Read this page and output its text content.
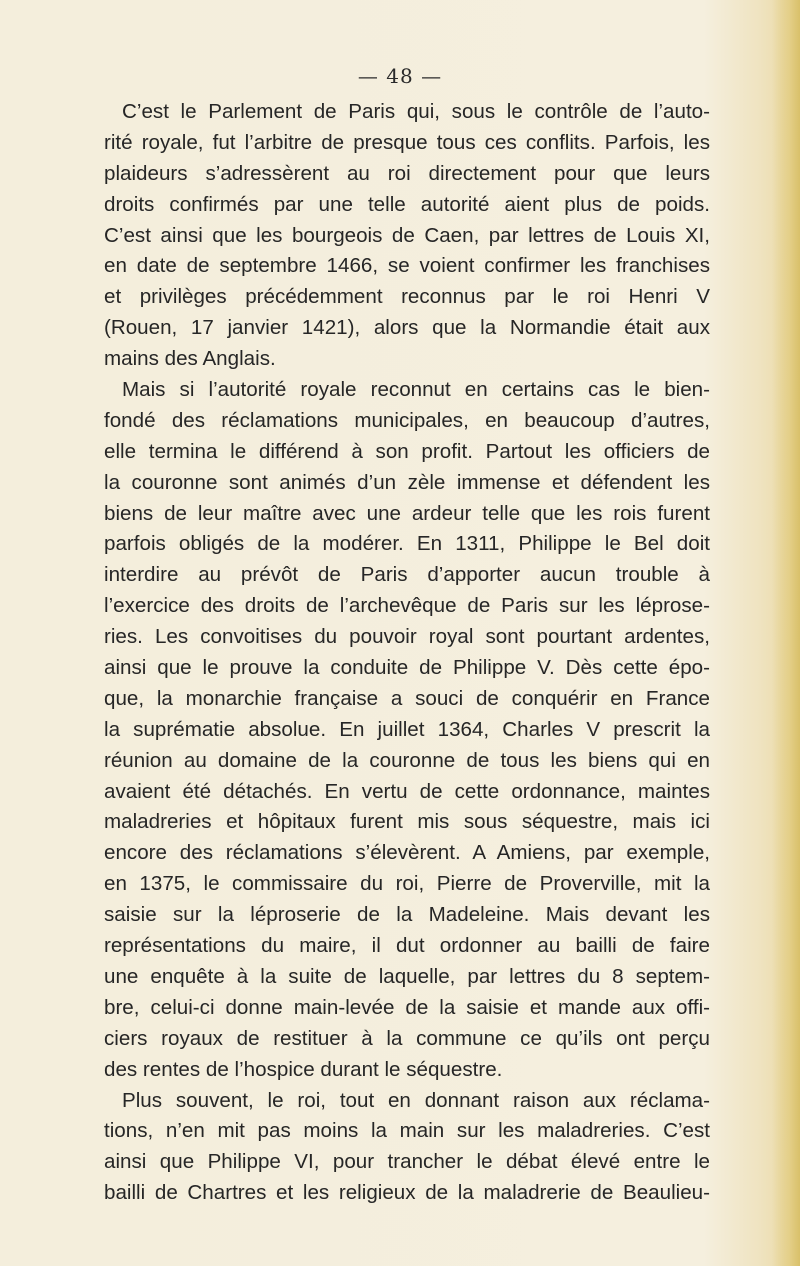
— 48 —
C’est le Parlement de Paris qui, sous le contrôle de l’auto-
rité royale, fut l’arbitre de presque tous ces conflits. Parfois, les
plaideurs s’adressèrent au roi directement pour que leurs
droits confirmés par une telle autorité aient plus de poids.
C’est ainsi que les bourgeois de Caen, par lettres de Louis XI,
en date de septembre 1466, se voient confirmer les franchises
et privilèges précédemment reconnus par le roi Henri V
(Rouen, 17 janvier 1421), alors que la Normandie était aux
mains des Anglais.
Mais si l’autorité royale reconnut en certains cas le bien-
fondé des réclamations municipales, en beaucoup d’autres,
elle termina le différend à son profit. Partout les officiers de
la couronne sont animés d’un zèle immense et défendent les
biens de leur maître avec une ardeur telle que les rois furent
parfois obligés de la modérer. En 1311, Philippe le Bel doit
interdire au prévôt de Paris d’apporter aucun trouble à
l’exercice des droits de l’archevêque de Paris sur les léprose-
ries. Les convoitises du pouvoir royal sont pourtant ardentes,
ainsi que le prouve la conduite de Philippe V. Dès cette épo-
que, la monarchie française a souci de conquérir en France
la suprématie absolue. En juillet 1364, Charles V prescrit la
réunion au domaine de la couronne de tous les biens qui en
avaient été détachés. En vertu de cette ordonnance, maintes
maladreries et hôpitaux furent mis sous séquestre, mais ici
encore des réclamations s’élevèrent. A Amiens, par exemple,
en 1375, le commissaire du roi, Pierre de Proverville, mit la
saisie sur la léproserie de la Madeleine. Mais devant les
représentations du maire, il dut ordonner au bailli de faire
une enquête à la suite de laquelle, par lettres du 8 septem-
bre, celui-ci donne main-levée de la saisie et mande aux offi-
ciers royaux de restituer à la commune ce qu’ils ont perçu
des rentes de l’hospice durant le séquestre.
Plus souvent, le roi, tout en donnant raison aux réclama-
tions, n’en mit pas moins la main sur les maladreries. C’est
ainsi que Philippe VI, pour trancher le débat élevé entre le
bailli de Chartres et les religieux de la maladrerie de Beaulieu-
